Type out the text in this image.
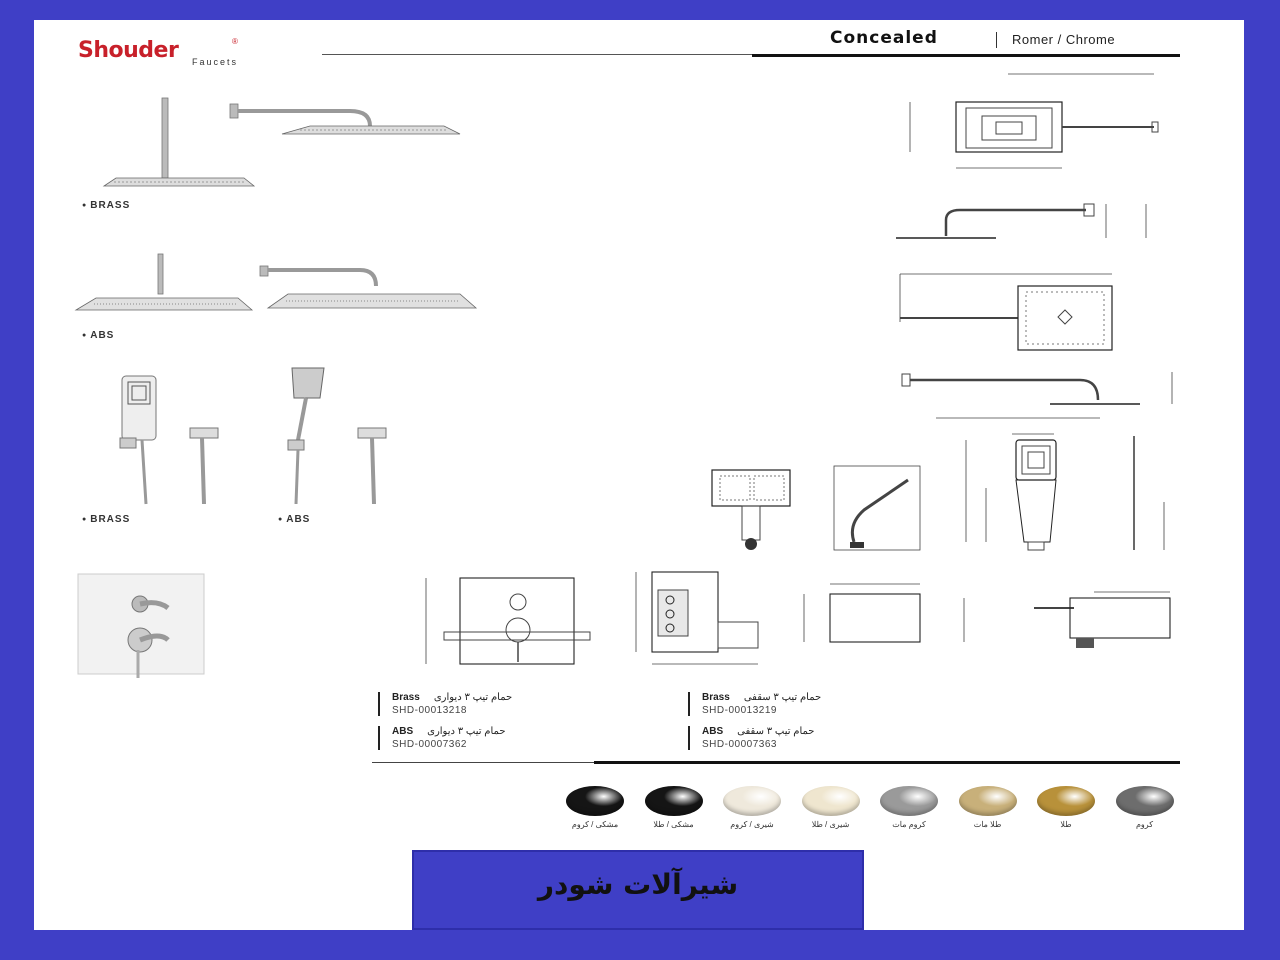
Shouder	®
Faucets
Concealed	Romer / Chrome
● BRASS
● ABS
● BRASS
●	ABS
Brass حمام تیپ ۳ دیواری
SHD-00013218
Brass حمام تیپ ۳ سقفی
SHD-00013219
ABS حمام تیپ ۳ دیواری
SHD-00007362
ABS حمام تیپ ۳ سقفی
SHD-00007363
مشکی / کروم	مشکی / طلا	شیری / کروم	شیری / طلا	کروم مات	طلا مات	طلا	کروم
شیرآلات شودر
